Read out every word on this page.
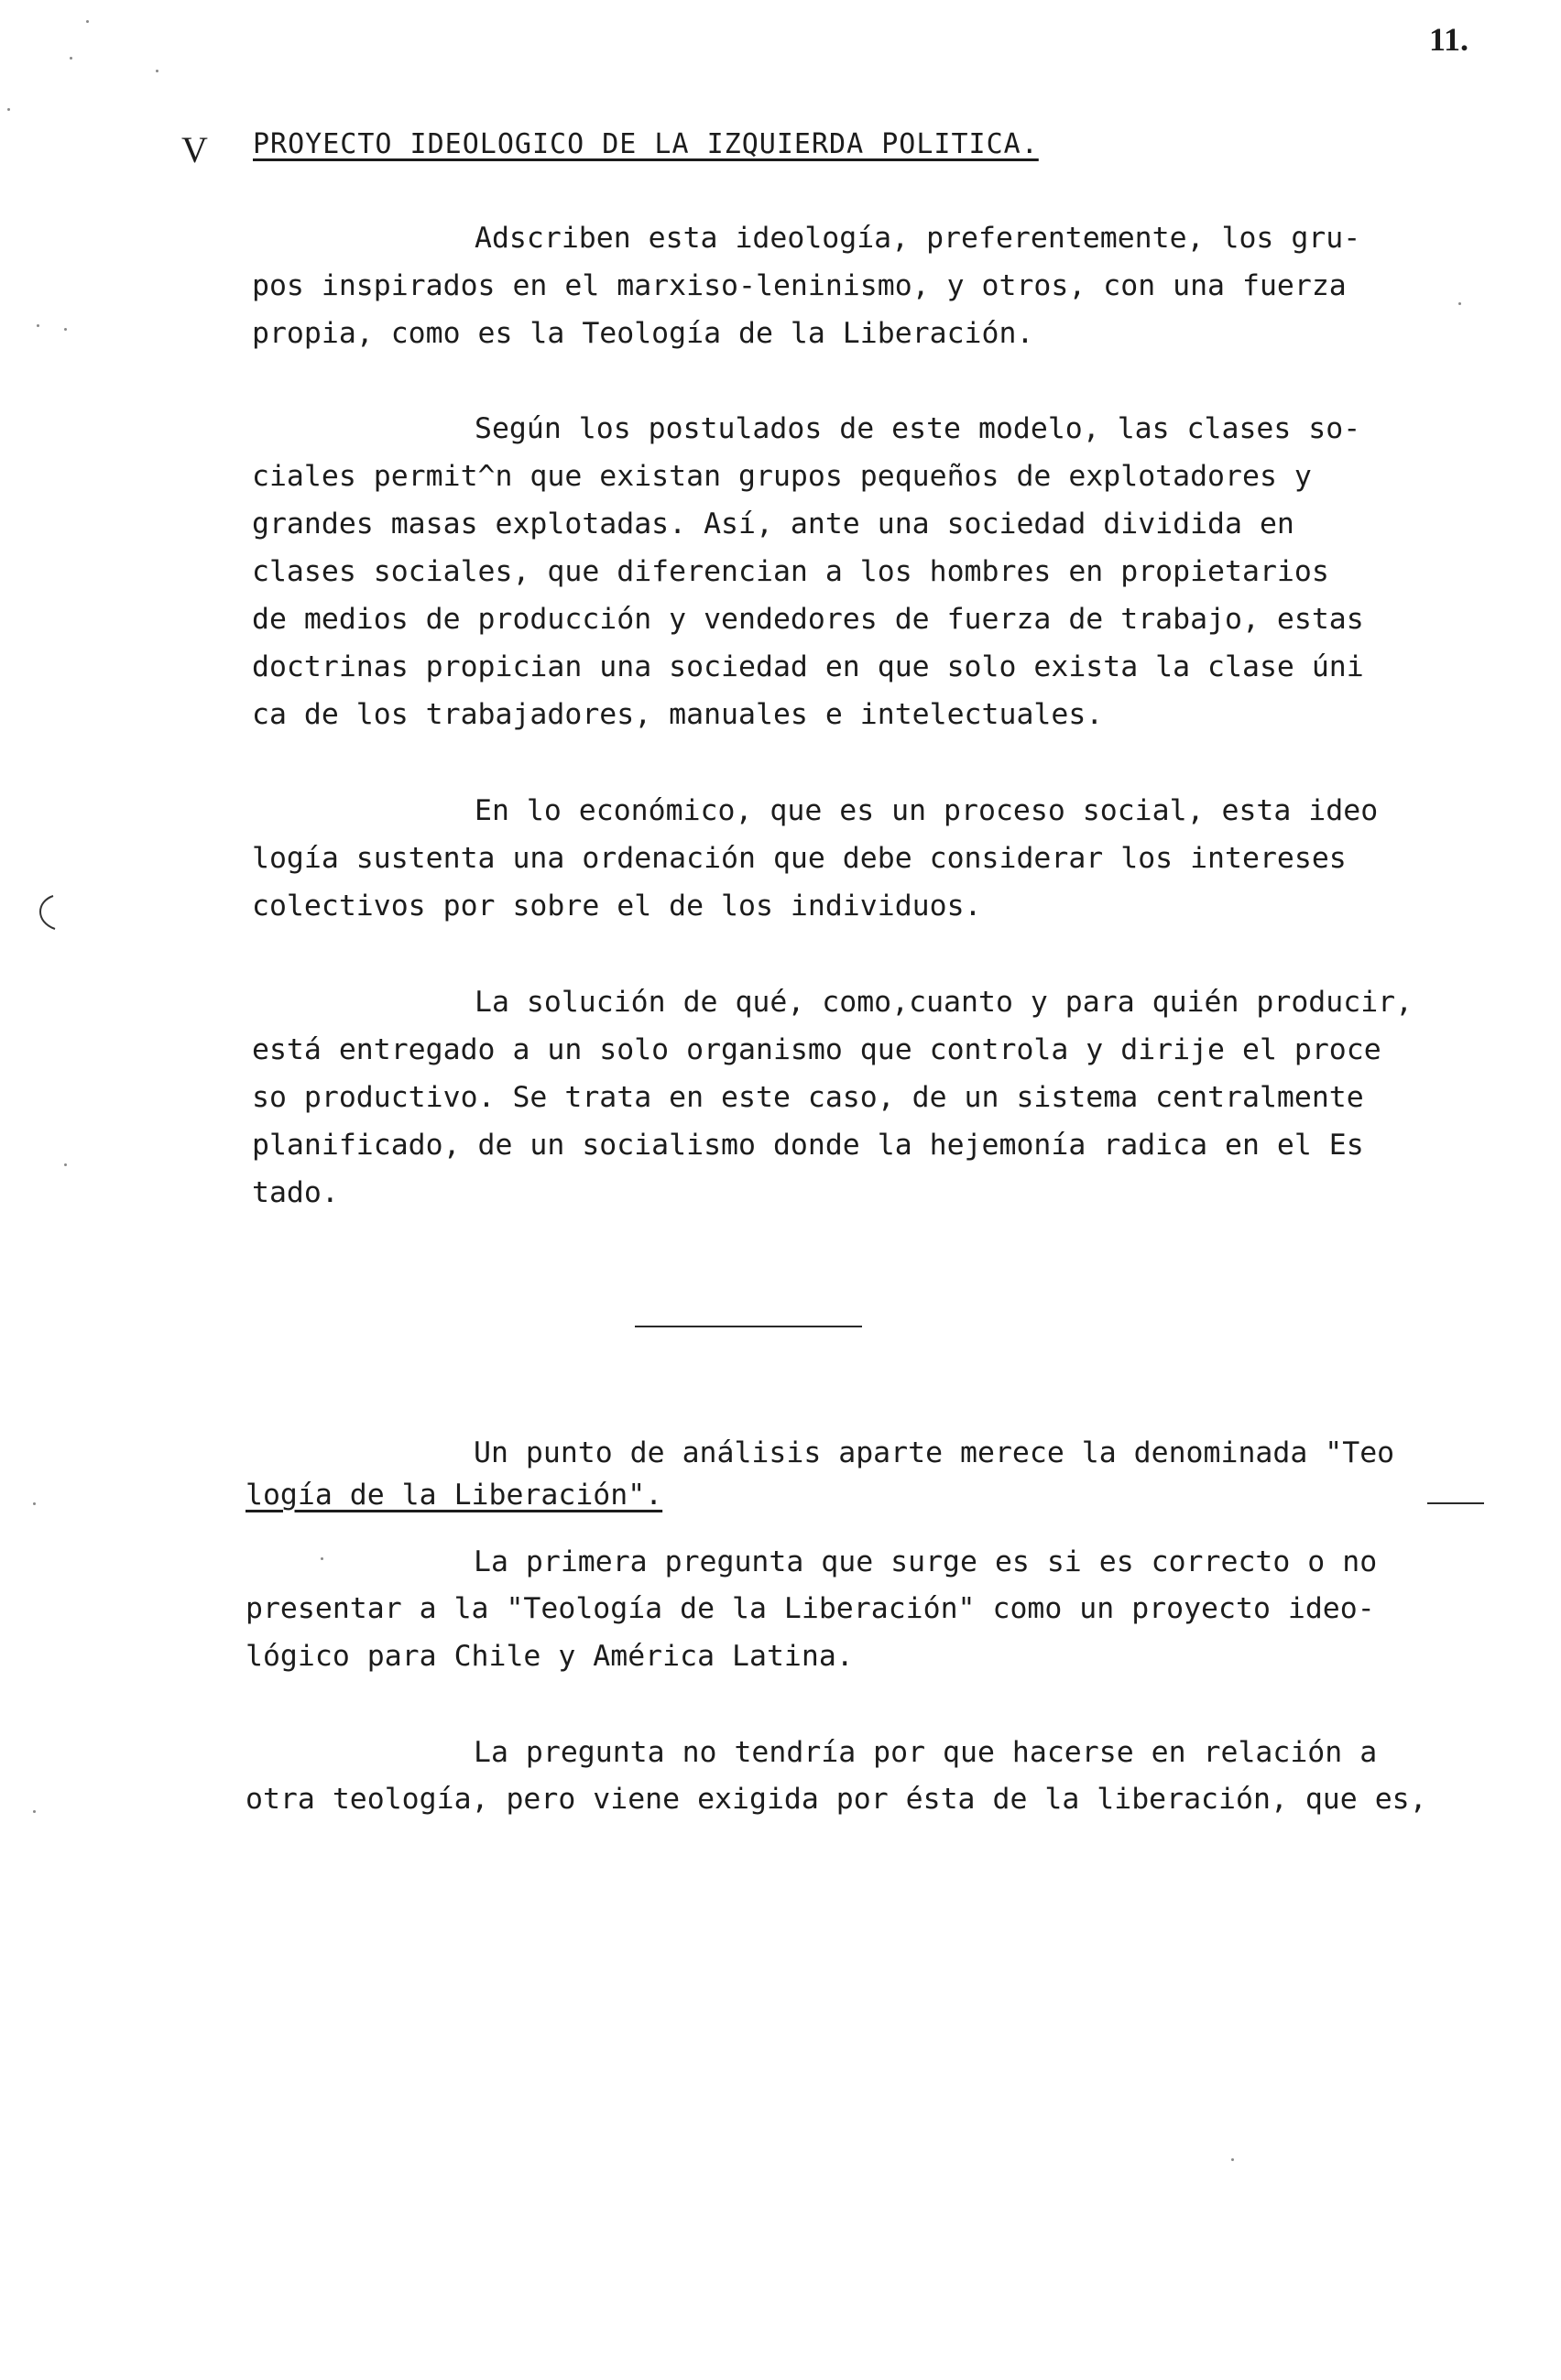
11.
V PROYECTO IDEOLOGICO DE LA IZQUIERDA POLITICA.
Adscriben esta ideología, preferentemente, los gru-
pos inspirados en el marxiso-leninismo, y otros, con una fuerza
propia, como es la Teología de la Liberación.
Según los postulados de este modelo, las clases so-
ciales permit^n que existan grupos pequeños de explotadores y
grandes masas explotadas. Así, ante una sociedad dividida en
clases sociales, que diferencian a los hombres en propietarios
de medios de producción y vendedores de fuerza de trabajo, estas
doctrinas propician una sociedad en que solo exista la clase úni
ca de los trabajadores, manuales e intelectuales.
En lo económico, que es un proceso social, esta ideo
logía sustenta una ordenación que debe considerar los intereses
colectivos por sobre el de los individuos.
La solución de qué, como,cuanto y para quién producir,
está entregado a un solo organismo que controla y dirije el proce
so productivo. Se trata en este caso, de un sistema centralmente
planificado, de un socialismo donde la hejemonía radica en el Es
tado.
Un punto de análisis aparte merece la denominada "Teo
logía de la Liberación".
La primera pregunta que surge es si es correcto o no
presentar a la "Teología de la Liberación" como un proyecto ideo-
lógico para Chile y América Latina.
La pregunta no tendría por que hacerse en relación a
otra teología, pero viene exigida por ésta de la liberación, que es,
